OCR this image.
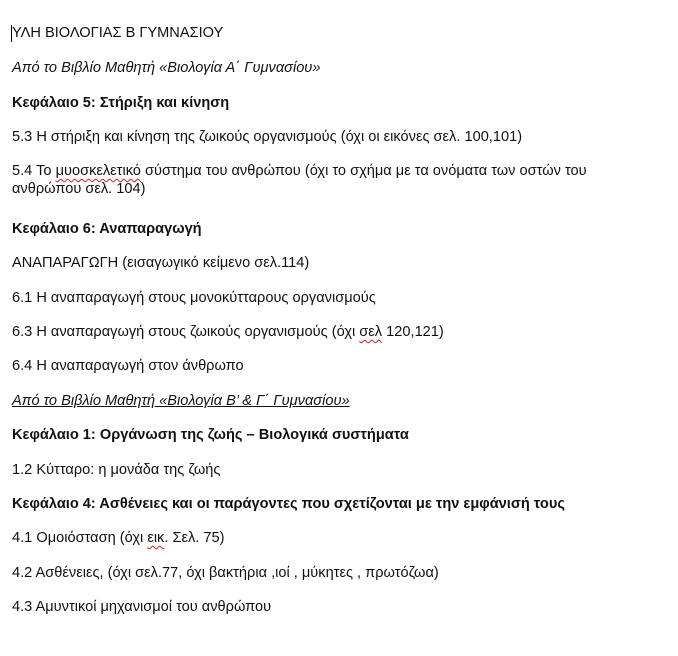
ΥΛΗ ΒΙΟΛΟΓΙΑΣ Β ΓΥΜΝΑΣΙΟΥ

Από το Βιβλίο Μαθητή «Βιολογία Α΄ Γυμνασίου»

Κεφάλαιο 5: Στήριξη και κίνηση

5.3 Η στήριξη και κίνηση της ζωικούς οργανισμούς (όχι οι εικόνες σελ. 100,101)

5.4 Το μυοσκελετικό σύστημα του ανθρώπου (όχι το σχήμα με τα ονόματα των οστών του ανθρώπου σελ. 104)

Κεφάλαιο 6: Αναπαραγωγή

ΑΝΑΠΑΡΑΓΩΓΗ (εισαγωγικό κείμενο σελ.114)

6.1 Η αναπαραγωγή στους μονοκύτταρους οργανισμούς

6.3 Η αναπαραγωγή στους ζωικούς οργανισμούς (όχι σελ 120,121)

6.4 Η αναπαραγωγή στον άνθρωπο

Από το Βιβλίο Μαθητή «Βιολογία Β’ & Γ΄ Γυμνασίου»

Κεφάλαιο 1: Οργάνωση της ζωής – Βιολογικά συστήματα

1.2 Κύτταρο: η μονάδα της ζωής

Κεφάλαιο 4: Ασθένειες και οι παράγοντες που σχετίζονται με την εμφάνισή τους

4.1 Ομοιόσταση (όχι εικ. Σελ. 75)

4.2 Ασθένειες, (όχι σελ.77, όχι βακτήρια ,ιοί , μύκητες , πρωτόζωα)

4.3 Αμυντικοί μηχανισμοί του ανθρώπου
